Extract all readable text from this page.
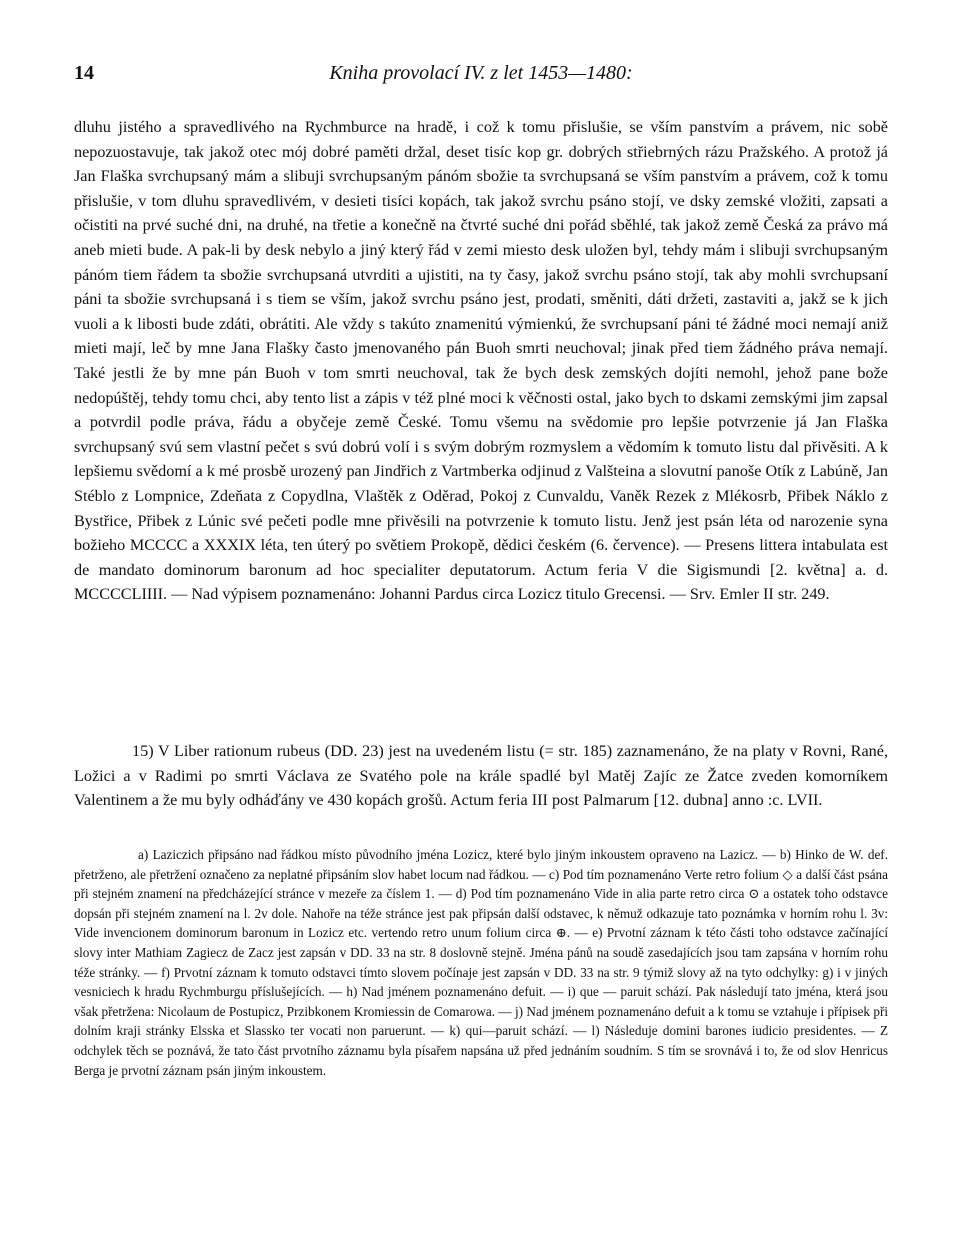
14	Kniha provolací IV. z let 1453—1480:

dluhu jistého a spravedlivého na Rychmburce na hradě, i což k tomu přislušie, se vším panstvím a právem, nic sobě nepozuostavuje, tak jakož otec mój dobré paměti držal, deset tisíc kop gr. dobrých střiebrných rázu Pražského. A protož já Jan Flaška svrchupsaný mám a slibuji svrchupsaným pánóm sbožie ta svrchupsaná se vším panstvím a právem, což k tomu přislušie, v tom dluhu spravedlivém, v desieti tisíci kopách, tak jakož svrchu psáno stojí, ve dsky zemské vložiti, zapsati a očistiti na prvé suché dni, na druhé, na třetie a konečně na čtvrté suché dni pořád sběhlé, tak jakož země Česká za právo má aneb mieti bude. A pak-li by desk nebylo a jiný který řád v zemi miesto desk uložen byl, tehdy mám i slibuji svrchupsaným pánóm tiem řádem ta sbožie svrchupsaná utvrditi a ujistiti, na ty časy, jakož svrchu psáno stojí, tak aby mohli svrchupsaní páni ta sbožie svrchupsaná i s tiem se vším, jakož svrchu psáno jest, prodati, směniti, dáti držeti, zastaviti a, jakž se k jich vuoli a k libosti bude zdáti, obrátiti. Ale vždy s takúto znamenitú výmienkú, že svrchupsaní páni té žádné moci nemají aniž mieti mají, leč by mne Jana Flašky často jmenovaného pán Buoh smrti neuchoval; jinak před tiem žádného práva nemají. Také jestli že by mne pán Buoh v tom smrti neuchoval, tak že bych desk zemských dojíti nemohl, jehož pane bože nedopúštěj, tehdy tomu chci, aby tento list a zápis v též plné moci k věčnosti ostal, jako bych to dskami zemskými jim zapsal a potvrdil podle práva, řádu a obyčeje země České. Tomu všemu na svědomie pro lepšie potvrzenie já Jan Flaška svrchupsaný svú sem vlastní pečet s svú dobrú volí i s svým dobrým rozmyslem a vědomím k tomuto listu dal přivěsiti. A k lepšiemu svědomí a k mé prosbě urozený pan Jindřich z Vartmberka odjinud z Valšteina a slovutní panoše Otík z Labúně, Jan Stéblo z Lompnice, Zdeňata z Copydlna, Vlaštěk z Oděrad, Pokoj z Cunvaldu, Vaněk Rezek z Mlékosrb, Přibek Náklo z Bystřice, Přibek z Lúnic své pečeti podle mne přivěsili na potvrzenie k tomuto listu. Jenž jest psán léta od narozenie syna božieho MCCCC a XXXIX léta, ten úterý po světiem Prokopě, dědici českém (6. července). — Presens littera intabulata est de mandato dominorum baronum ad hoc specialiter deputatorum. Actum feria V die Sigismundi [2. května] a. d. MCCCCLIIII. — Nad výpisem poznamenáno: Johanni Pardus circa Lozicz titulo Grecensi. — Srv. Emler II str. 249.

15) V Liber rationum rubeus (DD. 23) jest na uvedeném listu (= str. 185) zaznamenáno, že na platy v Rovni, Rané, Ložici a v Radimi po smrti Václava ze Svatého pole na krále spadlé byl Matěj Zajíc ze Žatce zveden komorníkem Valentinem a že mu byly odháďány ve 430 kopách grošů. Actum feria III post Palmarum [12. dubna] anno :c. LVII.

a) Laziczich připsáno nad řádkou místo původního jména Lozicz, které bylo jiným inkoustem opraveno na Lazicz. — b) Hinko de W. def. přetrženo, ale přetržení označeno za neplatné připsáním slov habet locum nad řádkou. — c) Pod tím poznamenáno Verte retro folium ◇ a další část psána při stejném znamení na předcházející stránce v mezeře za číslem 1. — d) Pod tím poznamenáno Vide in alia parte retro circa ⊙ a ostatek toho odstavce dopsán při stejném znamení na l. 2v dole. Nahoře na téže stránce jest pak připsán další odstavec, k němuž odkazuje tato poznámka v horním rohu l. 3v: Vide invencionem dominorum baronum in Lozicz etc. vertendo retro unum folium circa ⊕. — e) Prvotní záznam k této části toho odstavce začínající slovy inter Mathiam Zagiecz de Zacz jest zapsán v DD. 33 na str. 8 doslovně stejně. Jména pánů na soudě zasedajících jsou tam zapsána v horním rohu téže stránky. — f) Prvotní záznam k tomuto odstavci tímto slovem počínaje jest zapsán v DD. 33 na str. 9 týmiž slovy až na tyto odchylky: g) i v jiných vesniciech k hradu Rychmburgu příslušejících. — h) Nad jménem poznamenáno defuit. — i) que — paruit schází. Pak následují tato jména, která jsou však přetržena: Nicolaum de Postupicz, Przibkonem Kromiessin de Comarowa. — j) Nad jménem poznamenáno defuit a k tomu se vztahuje i přípisek při dolním kraji stránky Elsska et Slassko ter vocati non paruerunt. — k) qui—paruit schází. — l) Následuje domini barones iudicio presidentes. — Z odchylek těch se poznává, že tato část prvotního záznamu byla písařem napsána už před jednáním soudním. S tím se srovnává i to, že od slov Henricus Berga je prvotní záznam psán jiným inkoustem.
